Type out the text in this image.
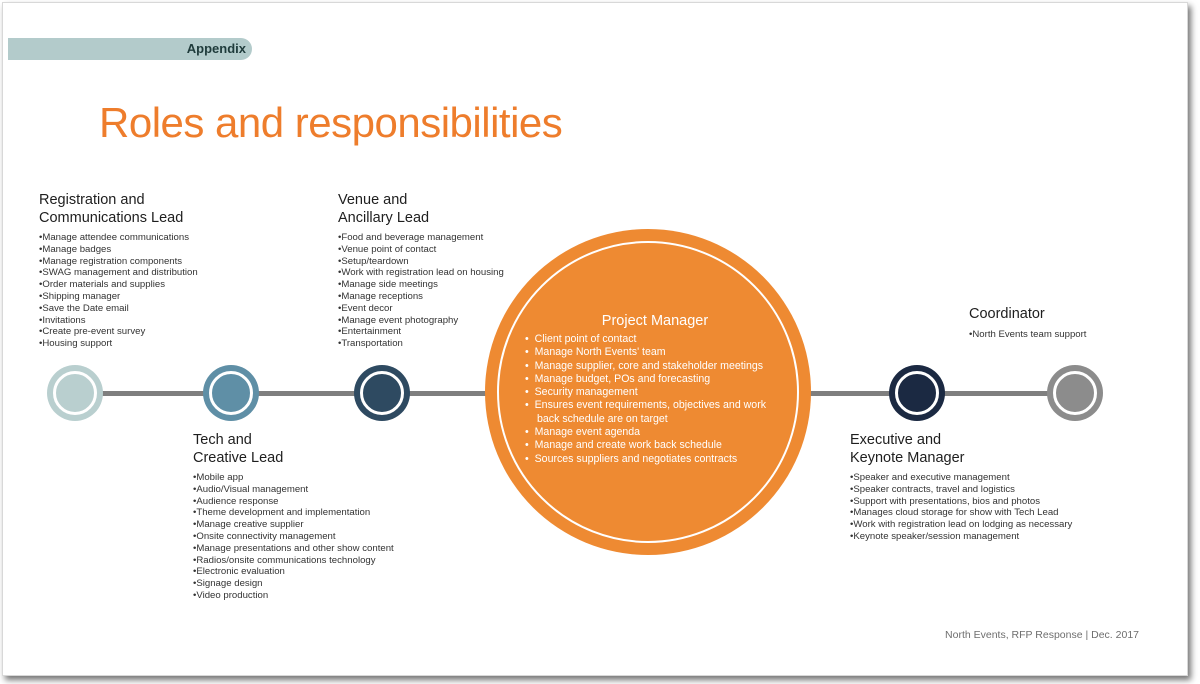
Appendix
Roles and responsibilities
Project Manager
•  Client point of contact
•  Manage North Events' team
•  Manage supplier, core and stakeholder meetings
•  Manage budget, POs and forecasting
•  Security management
•  Ensures event requirements, objectives and work back schedule are on target
•  Manage event agenda
•  Manage and create work back schedule
•  Sources suppliers and negotiates contracts
Registration and
Communications Lead
• Manage attendee communications
• Manage badges
• Manage registration components
• SWAG management and distribution
• Order materials and supplies
• Shipping manager
• Save the Date email
• Invitations
• Create pre-event survey
• Housing support
Venue and
Ancillary Lead
• Food and beverage management
• Venue point of contact
• Setup/teardown
• Work with registration lead on housing
• Manage side meetings
• Manage receptions
• Event decor
• Manage event photography
• Entertainment
• Transportation
Tech and
Creative Lead
• Mobile app
• Audio/Visual management
• Audience response
• Theme development and implementation
• Manage creative supplier
• Onsite connectivity management
• Manage presentations and other show content
• Radios/onsite communications technology
• Electronic evaluation
• Signage design
• Video production
Coordinator
• North Events team support
Executive and
Keynote Manager
• Speaker and executive management
• Speaker contracts, travel and logistics
• Support with presentations, bios and photos
• Manages cloud storage for show with Tech Lead
• Work with registration lead on lodging as necessary
• Keynote speaker/session management
North Events, RFP Response | Dec. 2017
